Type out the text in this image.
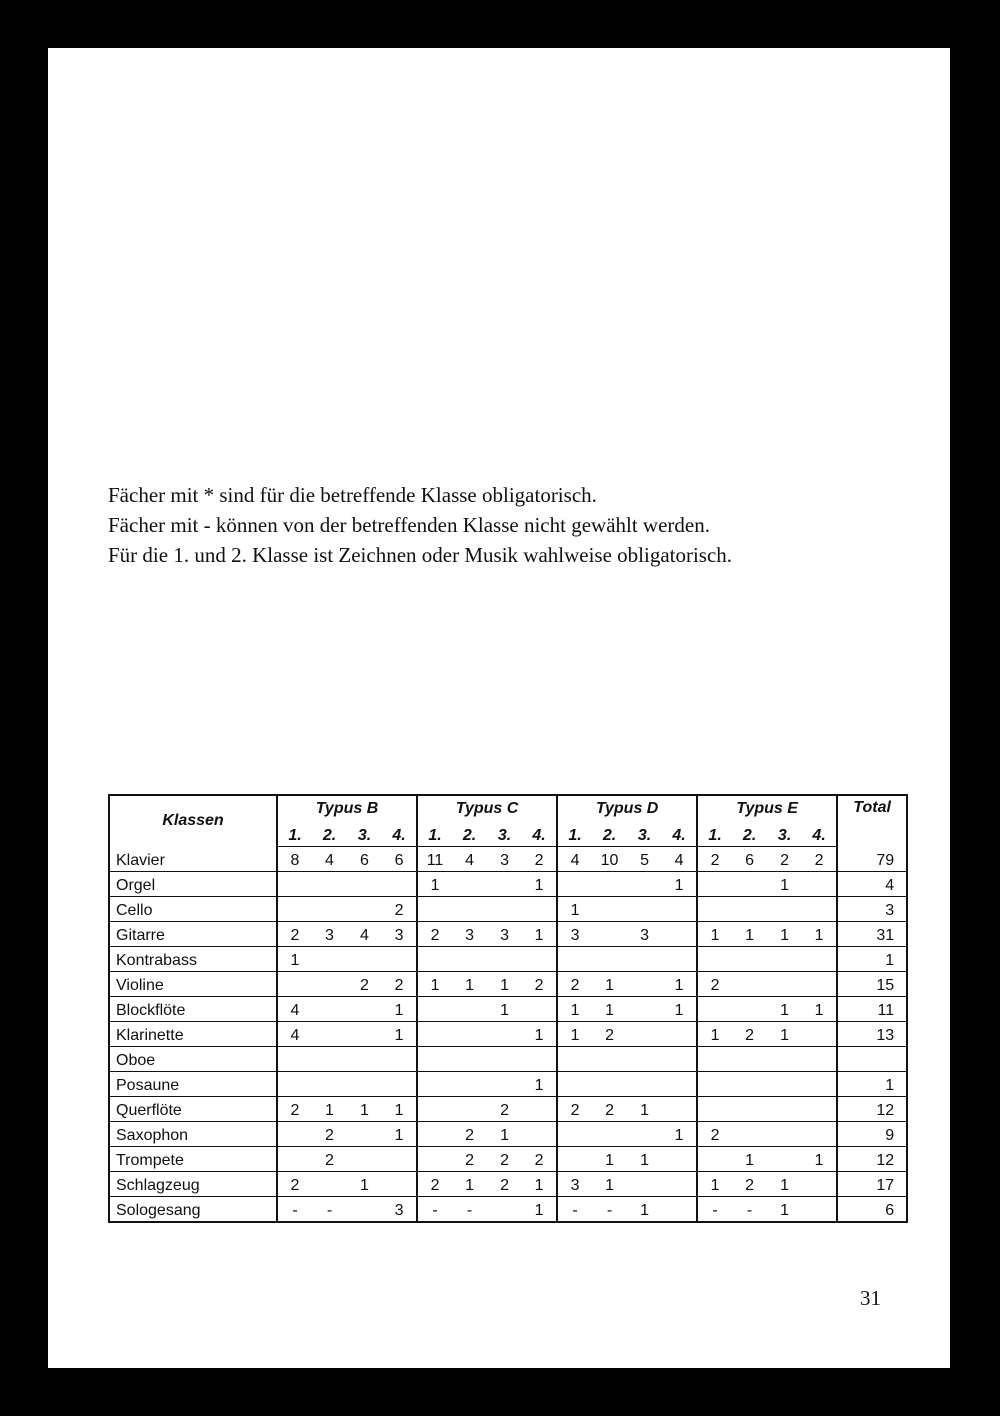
Fächer mit * sind für die betreffende Klasse obligatorisch.

Fächer mit - können von der betreffenden Klasse nicht gewählt werden.

Für die 1. und 2. Klasse ist Zeichnen oder Musik wahlweise obligatorisch.

Klassen	Typus B				Typus C				Typus D				Typus E				Total
	1.	2.	3.	4.	1.	2.	3.	4.	1.	2.	3.	4.	1.	2.	3.	4.	
Klavier	8	4	6	6	11	4	3	2	4	10	5	4	2	6	2	2	79
Orgel					1			1				1			1		4
Cello				2					1								3
Gitarre	2	3	4	3	2	3	3	1	3		3		1	1	1	1	31
Kontrabass	1																1
Violine			2	2	1	1	1	2	2	1		1	2				15
Blockflöte	4			1			1		1	1		1			1	1	11
Klarinette	4			1				1	1	2			1	2	1		13
Oboe																	
Posaune								1									1
Querflöte	2	1	1	1			2		2	2	1						12
Saxophon		2		1		2	1					1	2				9
Trompete		2				2	2	2		1	1			1		1	12
Schlagzeug	2		1		2	1	2	1	3	1			1	2	1		17
Sologesang	-	-		3	-	-		1	-	-	1		-	-	1		6
31
